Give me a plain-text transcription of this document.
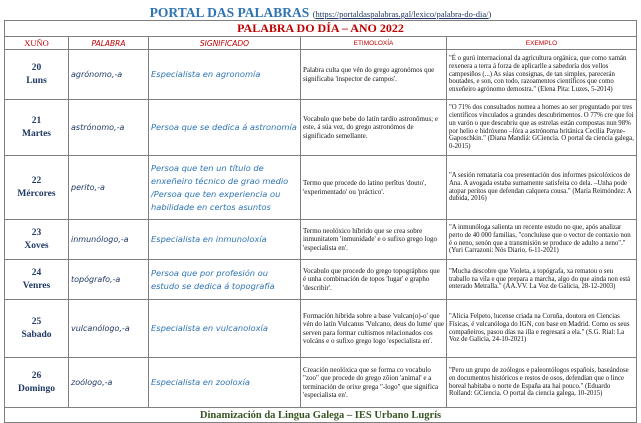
PORTAL DAS PALABRAS (https://portaldaspalabras.gal/lexico/palabra-do-dia/)
PALABRA DO DÍA – ANO 2022				
XUÑO	PALABRA	SIGNIFICADO	ETIMOLOXÍA	EXEMPLO
20
Luns	agrónomo,-a	Especialista en agronomía	Palabra culta que vén do grego agronómos que significaba 'inspector de campos'.	"É o gurú internacional da agricultura orgánica, que como xamán rexenera a terra á forza de aplicarlle a sabedoría dos vellos campesiños (...) As súas consignas, de tan simples, parecerán boutades, e son, con todo, razoamentos científicos que como enxeñeiro agrónomo demostra." (Elena Pita: Luzes, 5-2014)
21
Martes	astrónomo,-a	Persoa que se dedica á astronomía	Vocabulo que bebe do latín tardío astronŏmus; e este, á súa vez, do grego astronómos de significado semellante.	"O 71% dos consultados nomea a homes ao ser preguntado por tres científicos vinculados a grandes descubrimentos. O 77% cre que foi un varón o que descubriu que as estrelas están compostas nun 98% por helio e hidróxeno –fóra a astrónoma británica Cecilia Payne-Gaposchkin." (Diana Mandiá: GCiencia. O portal da ciencia galega, 0-2015)
22
Mércores	perito,-a	Persoa que ten un título de enxeñeiro técnico de grao medio /Persoa que ten experiencia ou habilidade en certos asuntos	Termo que procede do latino perītus 'douto', 'experimentado' ou 'práctico'.	"A sesión remataría coa presentación dos informes psicolóxicos de Ana. A avogada estaba sumamente satisfeita co dela. –Unha pode atopar peritos que defendan calquera cousa." (María Reimóndez: A dubida, 2016)
23
Xoves	inmunólogo,-a	Especialista en inmunoloxía	Termo neolóxico híbrido que se crea sobre inmunitatem 'inmunidade' e o sufixo grego logo 'especialista en'.	"A inmunóloga salienta un recente estudo no que, após analizar perto de 40 000 familias, "concluíuse que o vector de contaxio non é o neno, senón que a transmisión se produce de adulto a neno"." (Yuri Carrazoni: Nós Diario, 6-11-2021)
24
Venres	topógrafo,-a	Persoa que por profesión ou estudo se dedica á topografía	Vocabulo que procede do grego topográphos que é unha combinación de topos 'lugar' e grapho 'describir'.	"Mucha descobre que Violeta, a topógrafa, xa rematou o seu traballo na vila e que prepara a marcha, algo do que ainda non está enterado Metralla." (AA.VV. La Voz de Galicia, 28-12-2003)
25
Sabado	vulcanólogo,-a	Especialista en vulcanoloxía	Formación híbrida sobre a base 'vulcan(o)-o' que vén do latín Vulcanus 'Vulcano, deus do lume' que serven para formar cultismos relacionados cos volcáns e o sufixo grego logo 'especialista en'.	"Alicia Felpeto, lucense criada na Coruña, doutora en Ciencias Físicas, é vulcanóloga do IGN, con base en Madrid. Como os seus compañeiros, pasou días na illa e regresará a ela." (S.G. Rial: La Voz de Galicia, 24-10-2021)
26
Domingo	zoólogo,-a	Especialista en zooloxía	Creación neolóxica que se forma co vocabulo "zoo" que procede do grego zôion 'animal' e a terminación de orixe grega "-logo" que significa 'especialista en'.	"Pero un grupo de zoólogos e paleontólogos españois, baseándose en documentos históricos e restos de osos, defendían que o lince boreal habitaba o norte de España ata hai pouco." (Eduardo Rolland: GCiencia. O portal da ciencia galega, 10-2015)
Dinamización da Lingua Galega – IES Urbano Lugrís				
